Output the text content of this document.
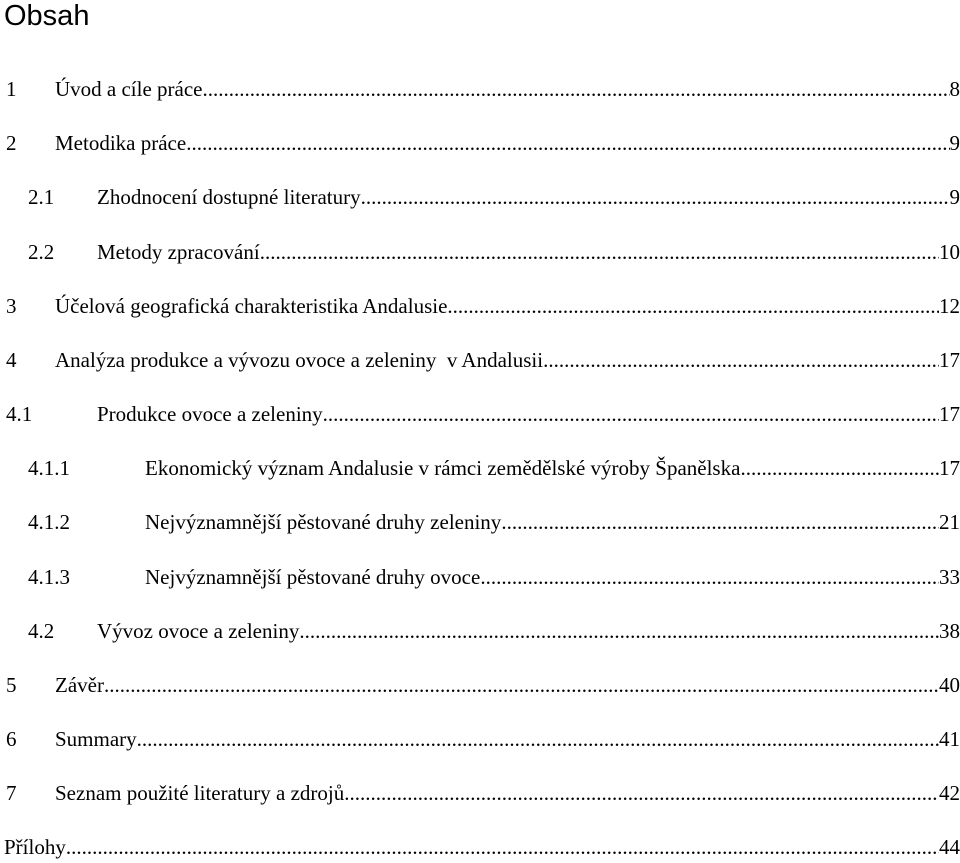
Obsah
1 Úvod a cíle práce .....	8
2 Metodika práce .....	9
2.1 Zhodnocení dostupné literatury .....	9
2.2 Metody zpracování .....	10
3 Účelová geografická charakteristika Andalusie .....	12
4 Analýza produkce a vývozu ovoce a zeleniny  v Andalusii .....	17
4.1	Produkce ovoce a zeleniny .....	17
4.1.1	Ekonomický význam Andalusie v rámci zemědělské výroby Španělska .....	17
4.1.2	Nejvýznamnější pěstované druhy zeleniny .....	21
4.1.3	Nejvýznamnější pěstované druhy ovoce .....	33
4.2 Vývoz ovoce a zeleniny .....	38
5 Závěr .....	40
6 Summary .....	41
7 Seznam použité literatury a zdrojů .....	42
Přílohy .....	44
